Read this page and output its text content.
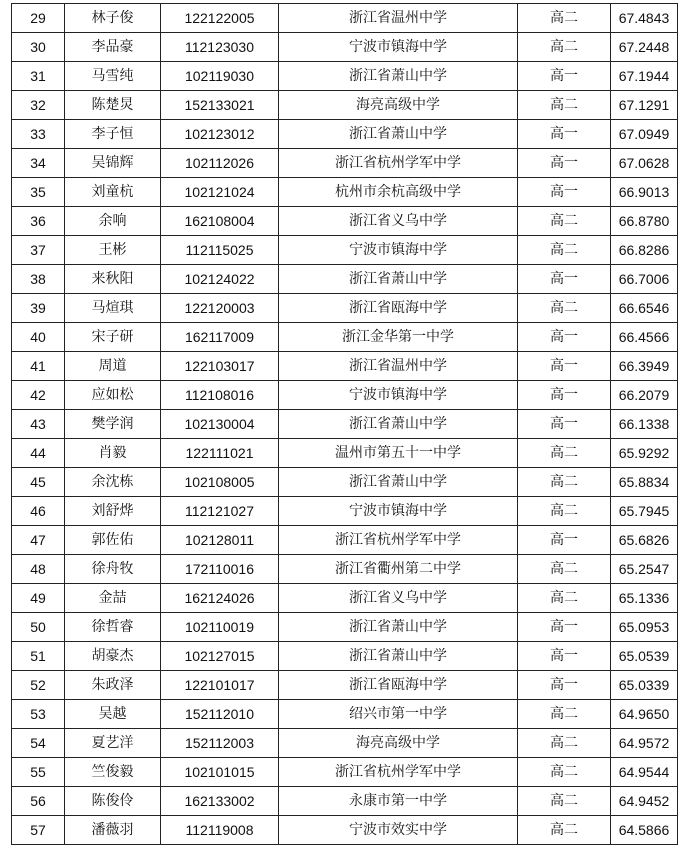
29	林子俊	122122005	浙江省温州中学	高二	67.4843
30	李品豪	112123030	宁波市镇海中学	高二	67.2448
31	马雪纯	102119030	浙江省萧山中学	高一	67.1944
32	陈楚炅	152133021	海亮高级中学	高二	67.1291
33	李子恒	102123012	浙江省萧山中学	高一	67.0949
34	吴锦辉	102112026	浙江省杭州学军中学	高一	67.0628
35	刘童杭	102121024	杭州市余杭高级中学	高一	66.9013
36	余响	162108004	浙江省义乌中学	高二	66.8780
37	王彬	112115025	宁波市镇海中学	高二	66.8286
38	来秋阳	102124022	浙江省萧山中学	高一	66.7006
39	马煊琪	122120003	浙江省瓯海中学	高二	66.6546
40	宋子研	162117009	浙江金华第一中学	高一	66.4566
41	周道	122103017	浙江省温州中学	高一	66.3949
42	应如松	112108016	宁波市镇海中学	高一	66.2079
43	樊学润	102130004	浙江省萧山中学	高一	66.1338
44	肖毅	122111021	温州市第五十一中学	高二	65.9292
45	余沈栋	102108005	浙江省萧山中学	高二	65.8834
46	刘舒烨	112121027	宁波市镇海中学	高二	65.7945
47	郭佐佑	102128011	浙江省杭州学军中学	高一	65.6826
48	徐舟牧	172110016	浙江省衢州第二中学	高二	65.2547
49	金喆	162124026	浙江省义乌中学	高二	65.1336
50	徐哲睿	102110019	浙江省萧山中学	高一	65.0953
51	胡豪杰	102127015	浙江省萧山中学	高一	65.0539
52	朱政泽	122101017	浙江省瓯海中学	高一	65.0339
53	吴越	152112010	绍兴市第一中学	高二	64.9650
54	夏艺洋	152112003	海亮高级中学	高二	64.9572
55	竺俊毅	102101015	浙江省杭州学军中学	高二	64.9544
56	陈俊伶	162133002	永康市第一中学	高二	64.9452
57	潘薇羽	112119008	宁波市效实中学	高二	64.5866
